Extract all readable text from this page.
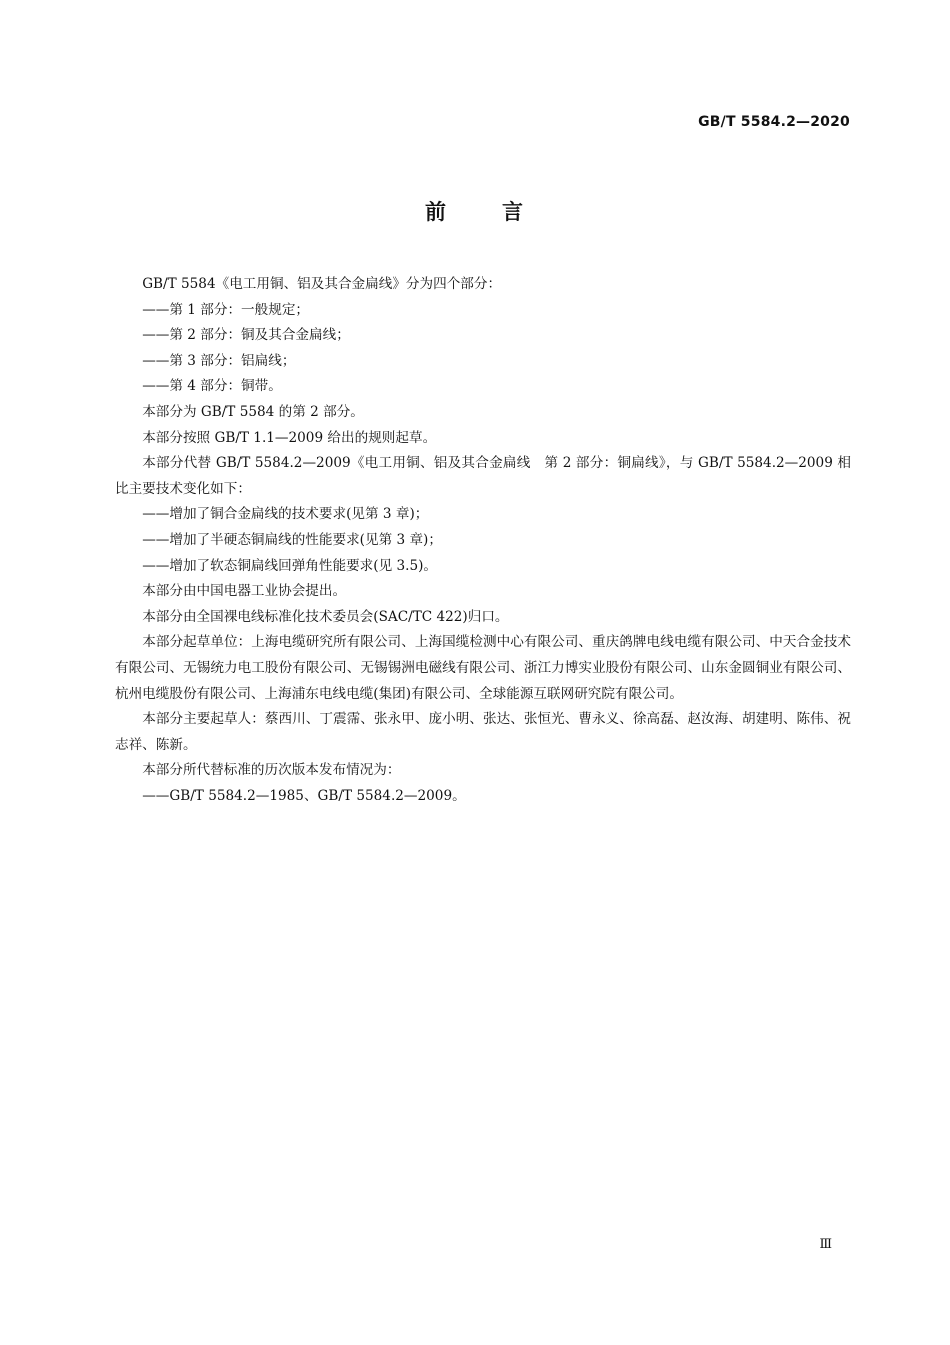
GB/T 5584.2—2020
前	言

GB/T 5584《电工用铜、铝及其合金扁线》分为四个部分：

——第 1 部分：一般规定；

——第 2 部分：铜及其合金扁线；

——第 3 部分：铝扁线；

——第 4 部分：铜带。

本部分为 GB/T 5584 的第 2 部分。

本部分按照 GB/T 1.1—2009 给出的规则起草。

本部分代替 GB/T 5584.2—2009《电工用铜、铝及其合金扁线　第 2 部分：铜扁线》，与 GB/T 5584.2—2009 相比主要技术变化如下：

——增加了铜合金扁线的技术要求(见第 3 章)；

——增加了半硬态铜扁线的性能要求(见第 3 章)；

——增加了软态铜扁线回弹角性能要求(见 3.5)。

本部分由中国电器工业协会提出。

本部分由全国裸电线标准化技术委员会(SAC/TC 422)归口。

本部分起草单位：上海电缆研究所有限公司、上海国缆检测中心有限公司、重庆鸽牌电线电缆有限公司、中天合金技术有限公司、无锡统力电工股份有限公司、无锡锡洲电磁线有限公司、浙江力博实业股份有限公司、山东金圆铜业有限公司、杭州电缆股份有限公司、上海浦东电线电缆(集团)有限公司、全球能源互联网研究院有限公司。

本部分主要起草人：蔡西川、丁震霈、张永甲、庞小明、张达、张恒光、曹永义、徐高磊、赵汝海、胡建明、陈伟、祝志祥、陈新。

本部分所代替标准的历次版本发布情况为：

——GB/T 5584.2—1985、GB/T 5584.2—2009。

Ⅲ
